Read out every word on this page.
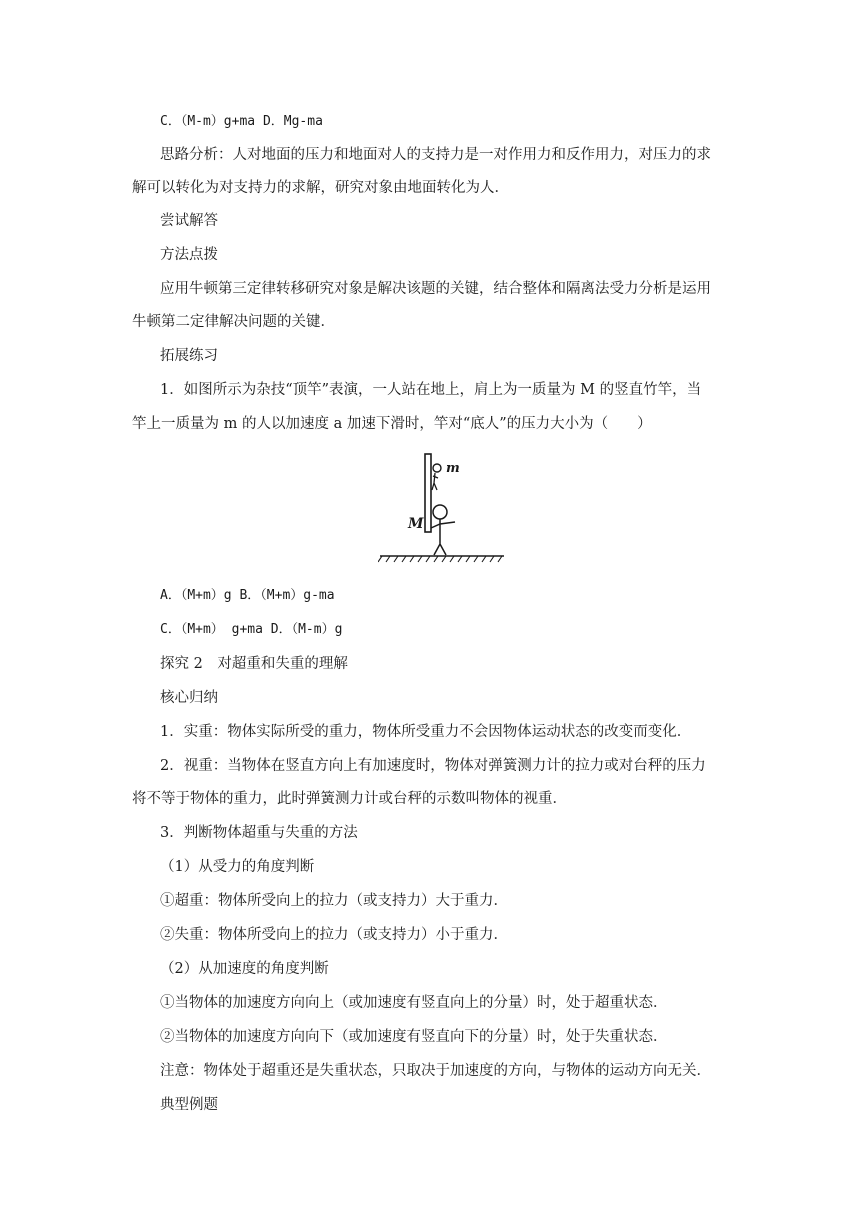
C．（M-m）g+ma D．Mg-ma
思路分析：人对地面的压力和地面对人的支持力是一对作用力和反作用力，对压力的求
解可以转化为对支持力的求解，研究对象由地面转化为人．
尝试解答
方法点拨
应用牛顿第三定律转移研究对象是解决该题的关键，结合整体和隔离法受力分析是运用
牛顿第二定律解决问题的关键．
拓展练习
1．如图所示为杂技“顶竿”表演，一人站在地上，肩上为一质量为 M 的竖直竹竿，当
竿上一质量为 m 的人以加速度 a 加速下滑时，竿对“底人”的压力大小为（　　）
m
M
A．（M+m）g B．（M+m）g-ma
C．（M+m） g+ma D．（M-m）g
探究 2　对超重和失重的理解
核心归纳
1．实重：物体实际所受的重力，物体所受重力不会因物体运动状态的改变而变化．
2．视重：当物体在竖直方向上有加速度时，物体对弹簧测力计的拉力或对台秤的压力
将不等于物体的重力，此时弹簧测力计或台秤的示数叫物体的视重．
3．判断物体超重与失重的方法
（1）从受力的角度判断
①超重：物体所受向上的拉力（或支持力）大于重力．
②失重：物体所受向上的拉力（或支持力）小于重力．
（2）从加速度的角度判断
①当物体的加速度方向向上（或加速度有竖直向上的分量）时，处于超重状态．
②当物体的加速度方向向下（或加速度有竖直向下的分量）时，处于失重状态．
注意：物体处于超重还是失重状态，只取决于加速度的方向，与物体的运动方向无关．
典型例题
